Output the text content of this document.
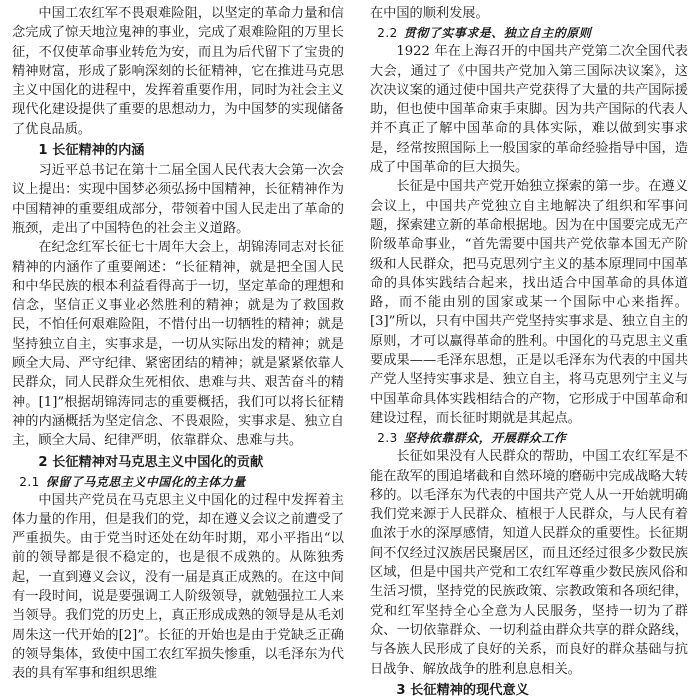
中国工农红军不畏艰难险阻，以坚定的革命力量和信念完成了惊天地泣鬼神的事业，完成了艰难险阻的万里长征，不仅使革命事业转危为安，而且为后代留下了宝贵的精神财富，形成了影响深刻的长征精神，它在推进马克思主义中国化的进程中，发挥着重要作用，同时为社会主义现代化建设提供了重要的思想动力，为中国梦的实现储备了优良品质。

1 长征精神的内涵

习近平总书记在第十二届全国人民代表大会第一次会议上提出：实现中国梦必须弘扬中国精神，长征精神作为中国精神的重要组成部分，带领着中国人民走出了革命的瓶颈，走出了中国特色的社会主义道路。

在纪念红军长征七十周年大会上，胡锦涛同志对长征精神的内涵作了重要阐述：“长征精神，就是把全国人民和中华民族的根本利益看得高于一切，坚定革命的理想和信念，坚信正义事业必然胜利的精神；就是为了救国救民，不怕任何艰难险阻，不惜付出一切牺牲的精神；就是坚持独立自主，实事求是，一切从实际出发的精神；就是顾全大局、严守纪律、紧密团结的精神；就是紧紧依靠人民群众，同人民群众生死相依、患难与共、艰苦奋斗的精神。[1]”根据胡锦涛同志的重要概括，我们可以将长征精神的内涵概括为坚定信念、不畏艰险，实事求是、独立自主，顾全大局、纪律严明，依靠群众、患难与共。

2 长征精神对马克思主义中国化的贡献
2.1 保留了马克思主义中国化的主体力量

中国共产党员在马克思主义中国化的过程中发挥着主体力量的作用，但是我们的党，却在遵义会议之前遭受了严重损失。由于党当时还处在幼年时期，邓小平指出“以前的领导都是很不稳定的，也是很不成熟的。从陈独秀起，一直到遵义会议，没有一届是真正成熟的。在这中间有一段时间，说是要强调工人阶级领导，就勉强拉工人来当领导。我们党的历史上，真正形成成熟的领导是从毛刘周朱这一代开始的[2]”。长征的开始也是由于党缺乏正确的领导集体，致使中国工农红军损失惨重，以毛泽东为代表的具有军事和组织思维

在中国的顺利发展。

2.2 贯彻了实事求是、独立自主的原则

1922 年在上海召开的中国共产党第二次全国代表大会，通过了《中国共产党加入第三国际决议案》，这次决议案的通过使中国共产党获得了大量的共产国际援助，但也使中国革命束手束脚。因为共产国际的代表人并不真正了解中国革命的具体实际，难以做到实事求是，经常按照国际上一般国家的革命经验指导中国，造成了中国革命的巨大损失。

长征是中国共产党开始独立探索的第一步。在遵义会议上，中国共产党独立自主地解决了组织和军事问题，探索建立新的革命根据地。因为在中国要完成无产阶级革命事业，“首先需要中国共产党依靠本国无产阶级和人民群众，把马克思列宁主义的基本原理同中国革命的具体实践结合起来，找出适合中国革命的具体道路，而不能由别的国家或某一个国际中心来指挥。[3]”所以，只有中国共产党坚持实事求是、独立自主的原则，才可以赢得革命的胜利。中国化的马克思主义重要成果——毛泽东思想，正是以毛泽东为代表的中国共产党人坚持实事求是、独立自主，将马克思列宁主义与中国革命具体实践相结合的产物，它形成于中国革命和建设过程，而长征时期就是其起点。

2.3 坚持依靠群众，开展群众工作

长征如果没有人民群众的帮助，中国工农红军是不能在敌军的围追堵截和自然环境的磨砺中完成战略大转移的。以毛泽东为代表的中国共产党人从一开始就明确我们党来源于人民群众、植根于人民群众，与人民有着血浓于水的深厚感情，知道人民群众的重要性。长征期间不仅经过汉族居民聚居区，而且还经过很多少数民族区域，但是中国共产党和工农红军尊重少数民族风俗和生活习惯，坚持党的民族政策、宗教政策和各项纪律，党和红军坚持全心全意为人民服务，坚持一切为了群众、一切依靠群众、一切利益由群众共享的群众路线，与各族人民形成了良好的关系，而良好的群众基础与抗日战争、解放战争的胜利息息相关。

3 长征精神的现代意义
